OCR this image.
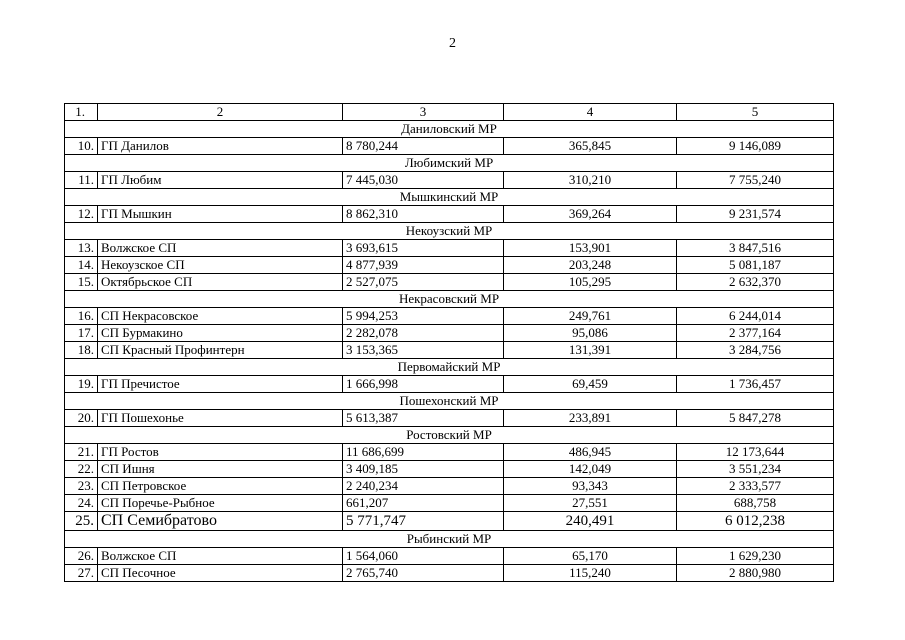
2
1.	2	3	4	5
Даниловский МР				
10.	ГП Данилов	8 780,244	365,845	9 146,089
Любимский МР				
11.	ГП Любим	7 445,030	310,210	7 755,240
Мышкинский МР				
12.	ГП Мышкин	8 862,310	369,264	9 231,574
Некоузский МР				
13.	Волжское СП	3 693,615	153,901	3 847,516
14.	Некоузское СП	4 877,939	203,248	5 081,187
15.	Октябрьское СП	2 527,075	105,295	2 632,370
Некрасовский МР				
16.	СП Некрасовское	5 994,253	249,761	6 244,014
17.	СП Бурмакино	2 282,078	95,086	2 377,164
18.	СП Красный Профинтерн	3 153,365	131,391	3 284,756
Первомайский МР				
19.	ГП Пречистое	1 666,998	69,459	1 736,457
Пошехонский МР				
20.	ГП Пошехонье	5 613,387	233,891	5 847,278
Ростовский МР				
21.	ГП Ростов	11 686,699	486,945	12 173,644
22.	СП Ишня	3 409,185	142,049	3 551,234
23.	СП Петровское	2 240,234	93,343	2 333,577
24.	СП Поречье-Рыбное	661,207	27,551	688,758
25.	СП Семибратово	5 771,747	240,491	6 012,238
Рыбинский МР				
26.	Волжское СП	1 564,060	65,170	1 629,230
27.	СП Песочное	2 765,740	115,240	2 880,980
